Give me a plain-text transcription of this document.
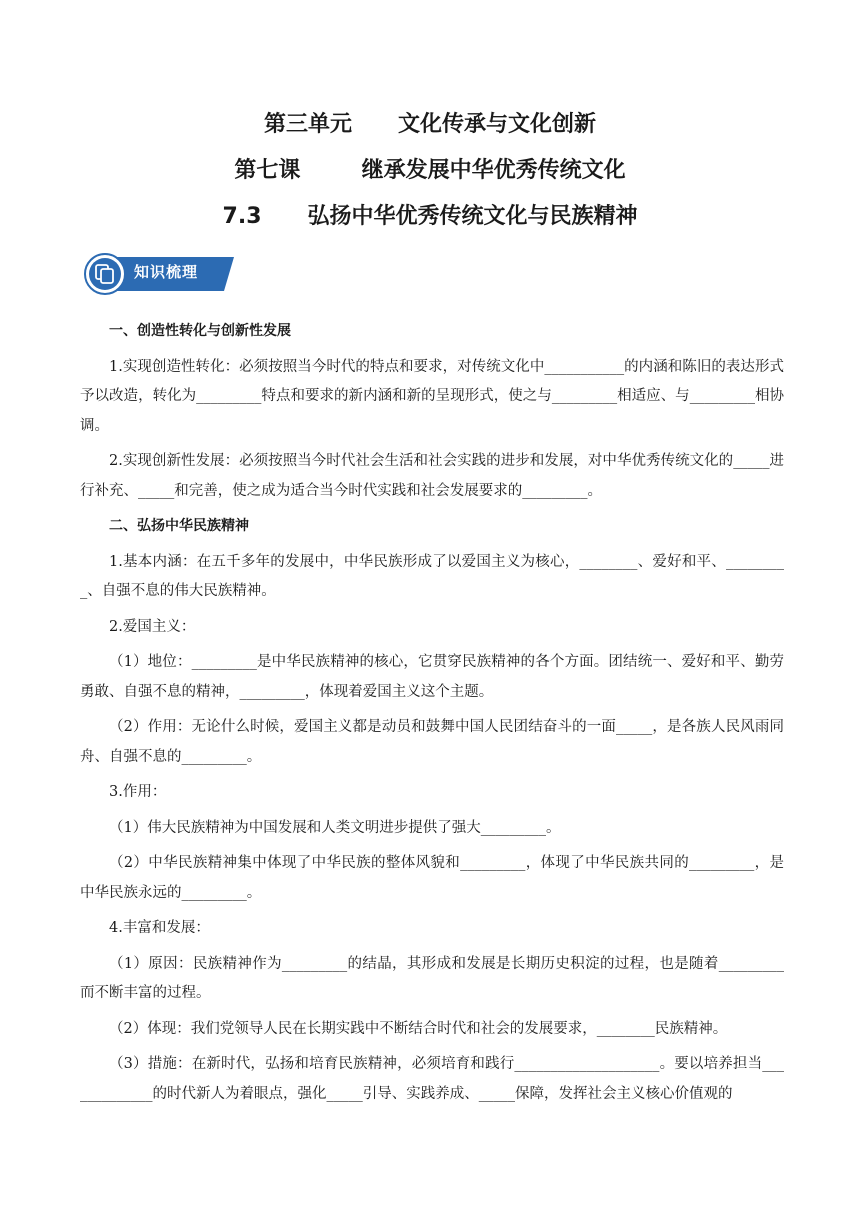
第三单元      文化传承与文化创新
第七课        继承发展中华优秀传统文化
7.3      弘扬中华优秀传统文化与民族精神
知识梳理
一、创造性转化与创新性发展
1.实现创造性转化：必须按照当今时代的特点和要求，对传统文化中___________的内涵和陈旧的表达形式予以改造，转化为_________特点和要求的新内涵和新的呈现形式，使之与_________相适应、与_________相协调。
2.实现创新性发展：必须按照当今时代社会生活和社会实践的进步和发展，对中华优秀传统文化的_____进行补充、_____和完善，使之成为适合当今时代实践和社会发展要求的_________。
二、弘扬中华民族精神
1.基本内涵：在五千多年的发展中，中华民族形成了以爱国主义为核心，________、爱好和平、_________、自强不息的伟大民族精神。
2.爱国主义：
（1）地位：_________是中华民族精神的核心，它贯穿民族精神的各个方面。团结统一、爱好和平、勤劳勇敢、自强不息的精神，_________，体现着爱国主义这个主题。
（2）作用：无论什么时候，爱国主义都是动员和鼓舞中国人民团结奋斗的一面_____，是各族人民风雨同舟、自强不息的_________。
3.作用：
（1）伟大民族精神为中国发展和人类文明进步提供了强大_________。
（2）中华民族精神集中体现了中华民族的整体风貌和_________，体现了中华民族共同的_________，是中华民族永远的_________。
4.丰富和发展：
（1）原因：民族精神作为_________的结晶，其形成和发展是长期历史积淀的过程，也是随着_________而不断丰富的过程。
（2）体现：我们党领导人民在长期实践中不断结合时代和社会的发展要求，________民族精神。
（3）措施：在新时代，弘扬和培育民族精神，必须培育和践行____________________。要以培养担当_____________的时代新人为着眼点，强化_____引导、实践养成、_____保障，发挥社会主义核心价值观的
